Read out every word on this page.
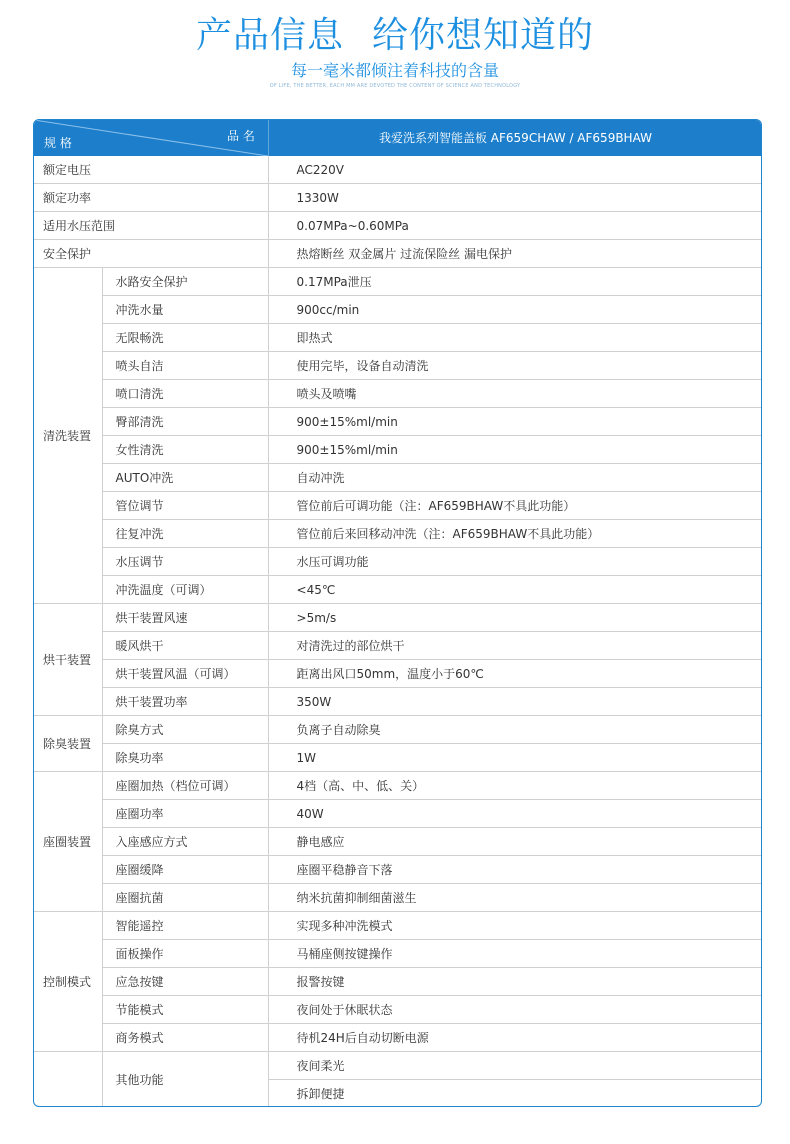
产品信息 给你想知道的
每一毫米都倾注着科技的含量
OF LIFE, THE BETTER, EACH MM ARE DEVOTED THE CONTENT OF SCIENCE AND TECHNOLOGY
规 格	品 名	我爱洗系列智能盖板 AF659CHAW / AF659BHAW
额定电压		AC220V
额定功率		1330W
适用水压范围		0.07MPa~0.60MPa
安全保护		热熔断丝 双金属片 过流保险丝 漏电保护
清洗装置	水路安全保护	0.17MPa泄压
	冲洗水量	900cc/min
	无限畅洗	即热式
	喷头自洁	使用完毕，设备自动清洗
	喷口清洗	喷头及喷嘴
	臀部清洗	900±15%ml/min
	女性清洗	900±15%ml/min
	AUTO冲洗	自动冲洗
	管位调节	管位前后可调功能（注：AF659BHAW不具此功能）
	往复冲洗	管位前后来回移动冲洗（注：AF659BHAW不具此功能）
	水压调节	水压可调功能
	冲洗温度（可调）	<45℃
烘干装置	烘干装置风速	>5m/s
	暖风烘干	对清洗过的部位烘干
	烘干装置风温（可调）	距离出风口50mm，温度小于60℃
	烘干装置功率	350W
除臭装置	除臭方式	负离子自动除臭
	除臭功率	1W
座圈装置	座圈加热（档位可调）	4档（高、中、低、关）
	座圈功率	40W
	入座感应方式	静电感应
	座圈缓降	座圈平稳静音下落
	座圈抗菌	纳米抗菌抑制细菌滋生
控制模式	智能遥控	实现多种冲洗模式
	面板操作	马桶座侧按键操作
	应急按键	报警按键
	节能模式	夜间处于休眠状态
	商务模式	待机24H后自动切断电源
	其他功能	夜间柔光
		拆卸便捷
